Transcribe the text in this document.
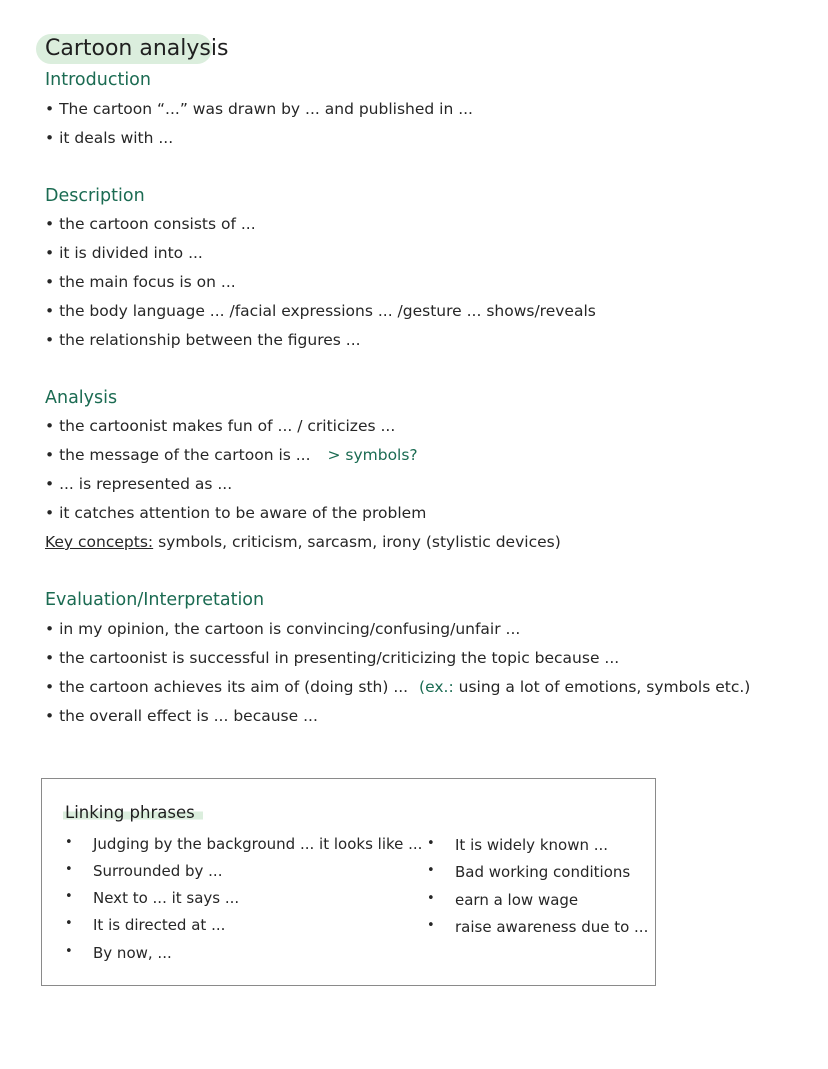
Cartoon analysis
Introduction
• The cartoon “...” was drawn by ... and published in ...
• it deals with ...
Description
• the cartoon consists of ...
• it is divided into ...
• the main focus is on ...
• the body language ... /facial expressions ... /gesture ... shows/reveals
• the relationship between the figures ...
Analysis
• the cartoonist makes fun of ... / criticizes ...
• the message of the cartoon is ... > symbols?
• ... is represented as ...
• it catches attention to be aware of the problem
Key concepts: symbols, criticism, sarcasm, irony (stylistic devices)
Evaluation/Interpretation
• in my opinion, the cartoon is convincing/confusing/unfair ...
• the cartoonist is successful in presenting/criticizing the topic because ...
• the cartoon achieves its aim of (doing sth) ... (ex.: using a lot of emotions, symbols etc.)
• the overall effect is ... because ...
Linking phrases
• Judging by the background ... it looks like ...
• Surrounded by ...
• Next to ... it says ...
• It is directed at ...
• By now, ...
• It is widely known ...
• Bad working conditions
• earn a low wage
• raise awareness due to ...
